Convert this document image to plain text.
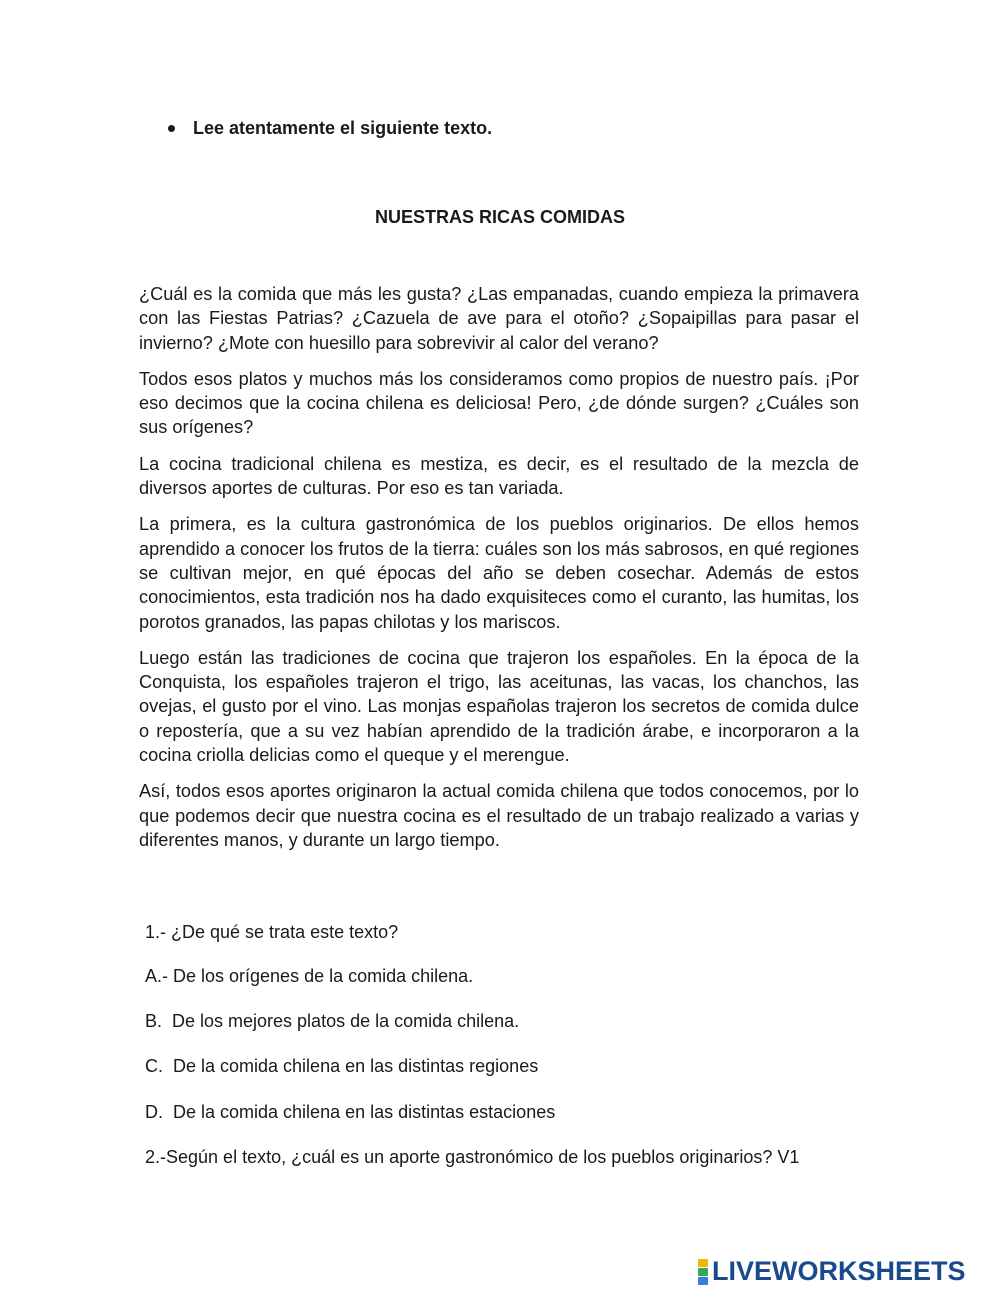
Lee atentamente el siguiente texto.
NUESTRAS RICAS COMIDAS

¿Cuál es la comida que más les gusta? ¿Las empanadas, cuando empieza la primavera con las Fiestas Patrias? ¿Cazuela de ave para el otoño? ¿Sopaipillas para pasar el invierno? ¿Mote con huesillo para sobrevivir al calor del verano?

Todos esos platos y muchos más los consideramos como propios de nuestro país. ¡Por eso decimos que la cocina chilena es deliciosa! Pero, ¿de dónde surgen? ¿Cuáles son sus orígenes?

La cocina tradicional chilena es mestiza, es decir, es el resultado de la mezcla de diversos aportes de culturas. Por eso es tan variada.

La primera, es la cultura gastronómica de los pueblos originarios. De ellos hemos aprendido a conocer los frutos de la tierra: cuáles son los más sabrosos, en qué regiones se cultivan mejor, en qué épocas del año se deben cosechar. Además de estos conocimientos, esta tradición nos ha dado exquisiteces como el curanto, las humitas, los porotos granados, las papas chilotas y los mariscos.

Luego están las tradiciones de cocina que trajeron los españoles. En la época de la Conquista, los españoles trajeron el trigo, las aceitunas, las vacas, los chanchos, las ovejas, el gusto por el vino. Las monjas españolas trajeron los secretos de comida dulce o repostería, que a su vez habían aprendido de la tradición árabe, e incorporaron a la cocina criolla delicias como el queque y el merengue.

Así, todos esos aportes originaron la actual comida chilena que todos conocemos, por lo que podemos decir que nuestra cocina es el resultado de un trabajo realizado a varias y diferentes manos, y durante un largo tiempo.

1.- ¿De qué se trata este texto?
A.- De los orígenes de la comida chilena.
B.  De los mejores platos de la comida chilena.
C.  De la comida chilena en las distintas regiones
D.  De la comida chilena en las distintas estaciones
2.-Según el texto, ¿cuál es un aporte gastronómico de los pueblos originarios? V1
LIVEWORKSHEETS
